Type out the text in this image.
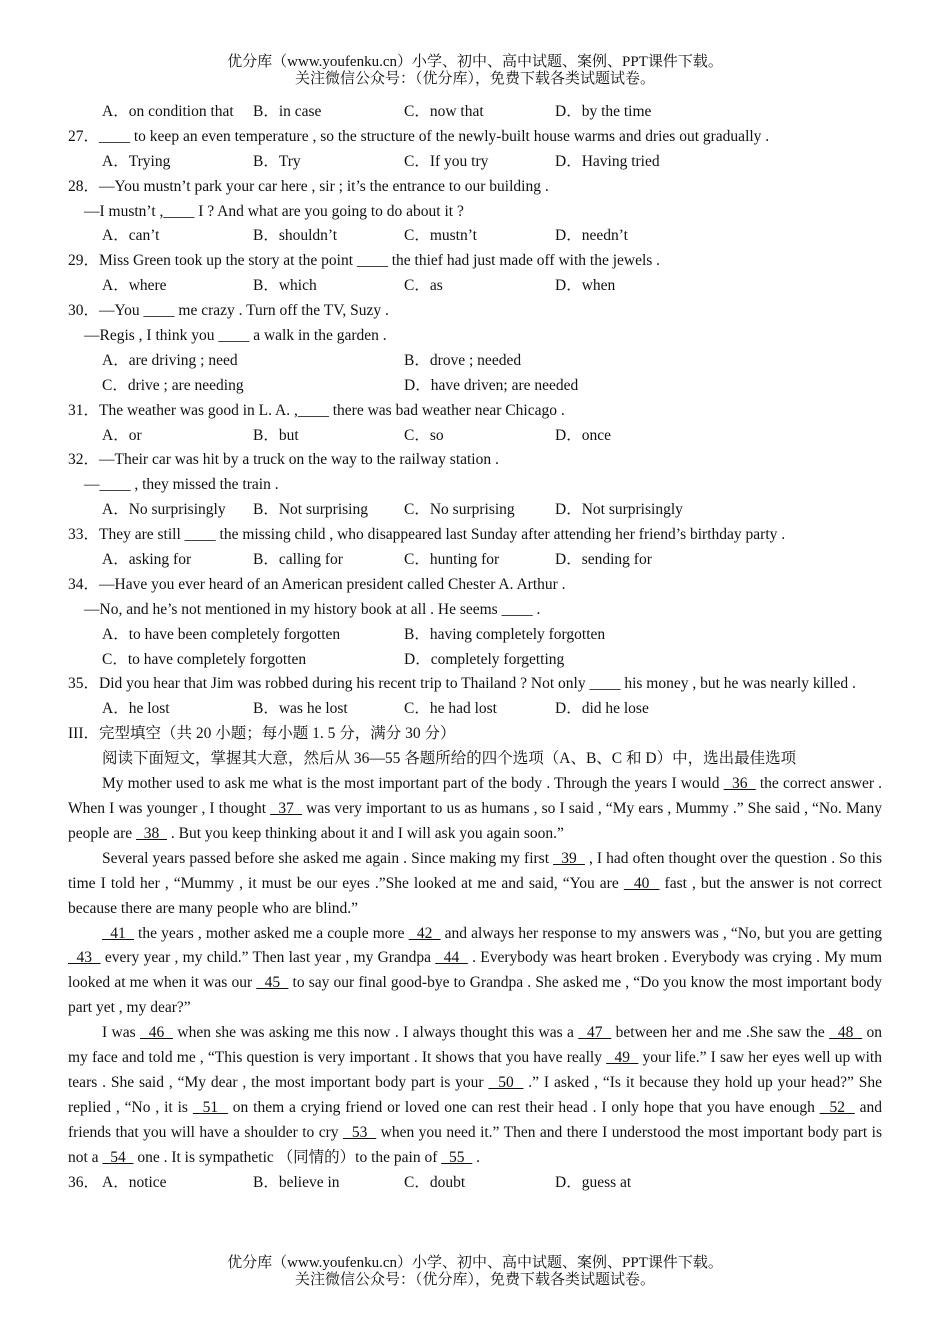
优分库（www.youfenku.cn）小学、初中、高中试题、案例、PPT课件下载。
关注微信公众号：（优分库），免费下载各类试题试卷。
A．on condition that B．in case	C．now that	D．by the time
27．____ to keep an even temperature , so the structure of the newly-built house warms and dries out gradually .
A．Trying	B．Try	C．If you try	D．Having tried
28．—You mustn’t park your car here , sir ; it’s the entrance to our building .
—I mustn’t ,____ I ? And what are you going to do about it ?
A．can’t	B．shouldn’t	C．mustn’t	D．needn’t
29．Miss Green took up the story at the point ____ the thief had just made off with the jewels .
A．where	B．which	C．as	D．when
30．—You ____ me crazy . Turn off the TV, Suzy .
—Regis , I think you ____ a walk in the garden .
A．are driving ; need	B．drove ; needed
C．drive ; are needing	D．have driven; are needed
31．The weather was good in L. A. ,____ there was bad weather near Chicago .
A．or	B．but	C．so	D．once
32．—Their car was hit by a truck on the way to the railway station .
—____ , they missed the train .
A．No surprisingly B．Not surprising C．No surprising	D．Not surprisingly
33．They are still ____ the missing child , who disappeared last Sunday after attending her friend’s birthday party .
A．asking for	B．calling for	C．hunting for	D．sending for
34．—Have you ever heard of an American president called Chester A. Arthur .
—No, and he’s not mentioned in my history book at all . He seems ____ .
A．to have been completely forgotten	B．having completely forgotten
C．to have completely forgotten	D．completely forgetting
35．Did you hear that Jim was robbed during his recent trip to Thailand ? Not only ____ his money , but he was nearly killed .
A．he lost	B．was he lost	C．he had lost	D．did he lose
III．完型填空（共 20 小题；每小题 1. 5 分，满分 30 分）
阅读下面短文，掌握其大意，然后从 36—55 各题所给的四个选项（A、B、C 和 D）中，选出最佳选项
My mother used to ask me what is the most important part of the body . Through the years I would   36   the correct answer . When I was younger , I thought   37   was very important to us as humans , so I said , “My ears , Mummy .” She said , “No. Many people are   38   . But you keep thinking about it and I will ask you again soon.”
Several years passed before she asked me again . Since making my first   39   , I had often thought over the question . So this time I told her , “Mummy , it must be our eyes .”She looked at me and said, “You are   40   fast , but the answer is not correct because there are many people who are blind.”
41   the years , mother asked me a couple more   42   and always her response to my answers was , “No, but you are getting   43   every year , my child.” Then last year , my Grandpa   44   . Everybody was heart broken . Everybody was crying . My mum looked at me when it was our   45   to say our final good-bye to Grandpa . She asked me , “Do you know the most important body part yet , my dear?”
I was   46   when she was asking me this now . I always thought this was a   47   between her and me .She saw the   48   on my face and told me , “This question is very important . It shows that you have really   49   your life.” I saw her eyes well up with tears . She said , “My dear , the most important body part is your   50   .” I asked , “Is it because they hold up your head?” She replied , “No , it is   51   on them a crying friend or loved one can rest their head . I only hope that you have enough   52   and friends that you will have a shoulder to cry   53   when you need it.” Then and there I understood the most important body part is not a   54   one . It is sympathetic （同情的）to the pain of   55   .
36． A．notice	B．believe in	C．doubt	D．guess at
优分库（www.youfenku.cn）小学、初中、高中试题、案例、PPT课件下载。
关注微信公众号：（优分库），免费下载各类试题试卷。
